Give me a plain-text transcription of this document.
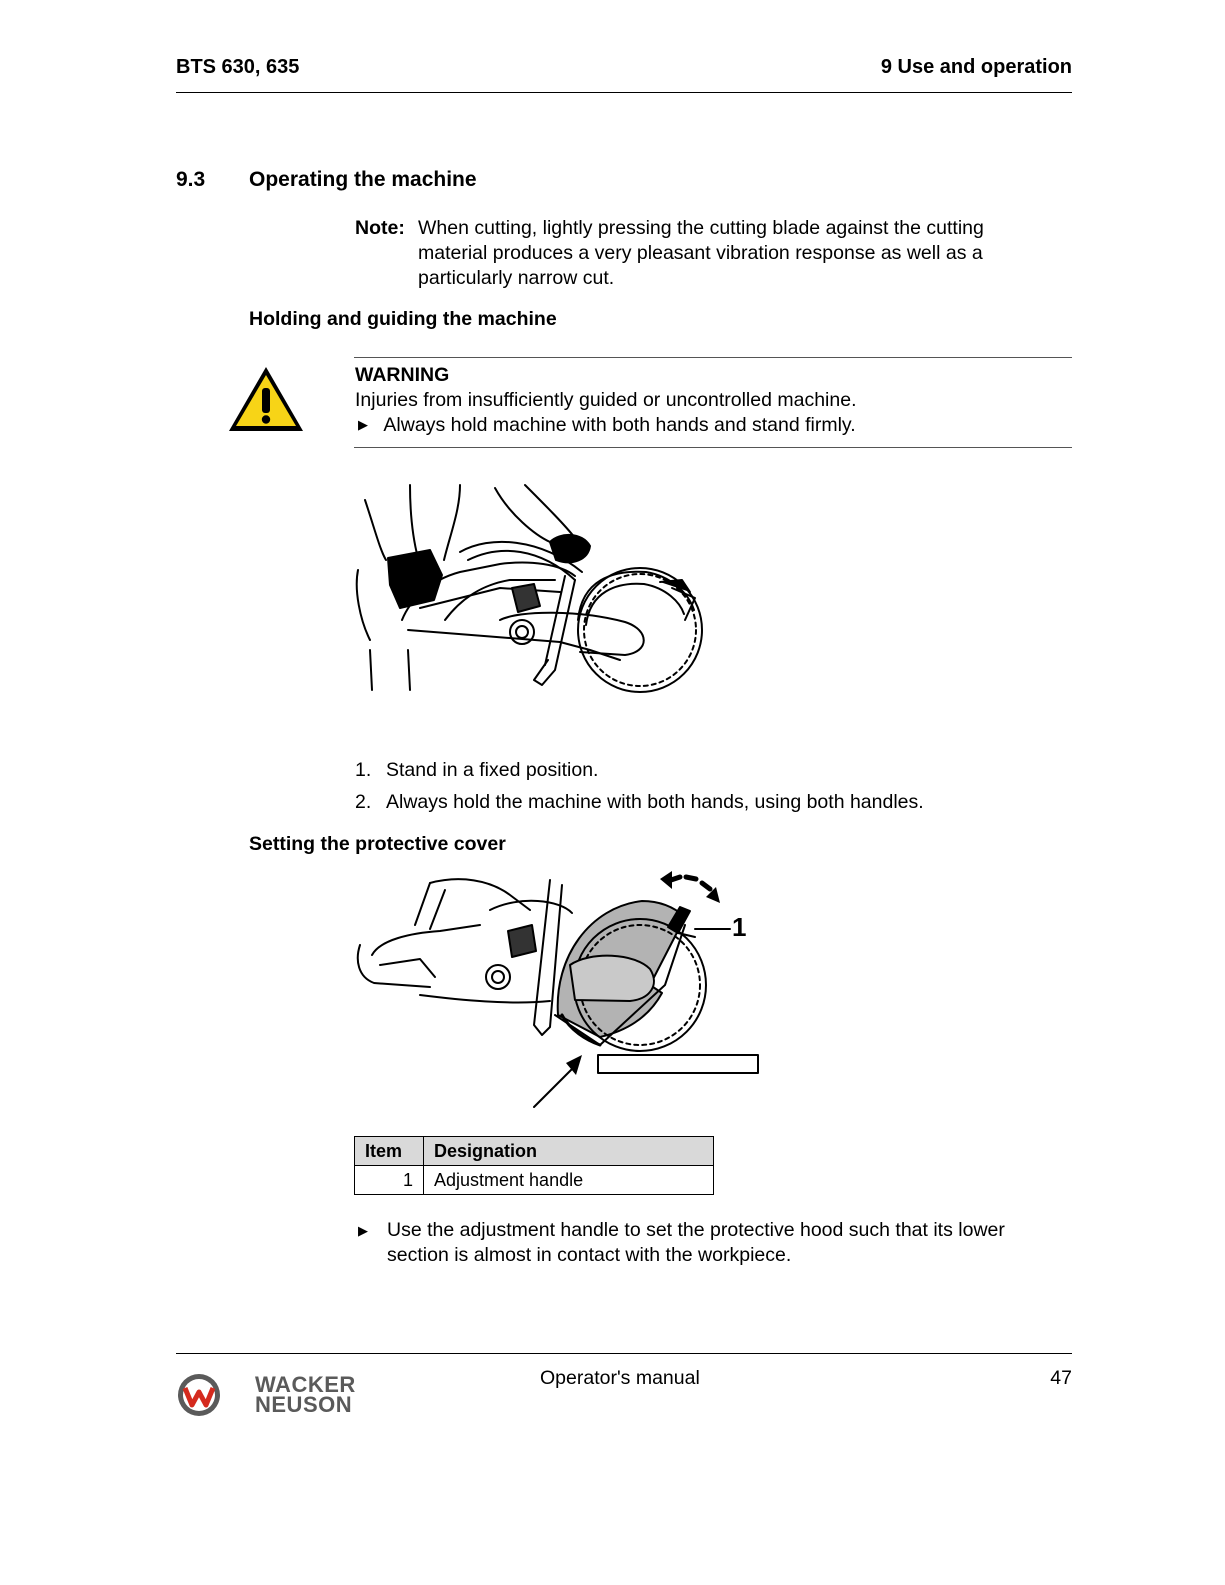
BTS 630, 635	9 Use and operation
9.3 Operating the machine
Note: When cutting, lightly pressing the cutting blade against the cutting
material produces a very pleasant vibration response as well as a
particularly narrow cut.
Holding and guiding the machine
WARNING
Injuries from insufficiently guided or uncontrolled machine.
▶ Always hold machine with both hands and stand firmly.
1. Stand in a fixed position.
2. Always hold the machine with both hands, using both handles.
Setting the protective cover
1
Item	Designation
1	Adjustment handle
▶ Use the adjustment handle to set the protective hood such that its lower
section is almost in contact with the workpiece.
Operator's manual	47
WACKER
NEUSON
